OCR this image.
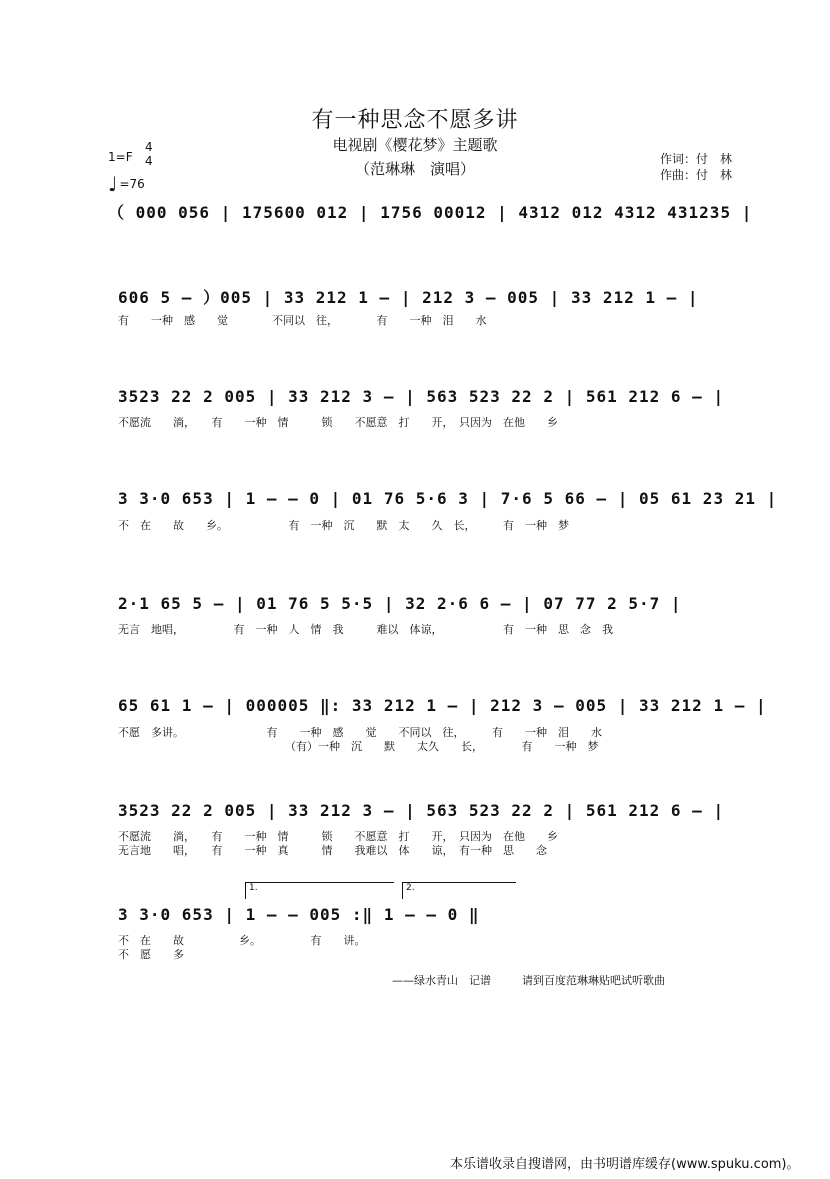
有一种思念不愿多讲
电视剧《樱花梦》主题歌
（范琳琳　演唱）
1=F
4
4
♩ =76
作词：付　林
作曲：付　林
（ 000 056 | 175600 012 | 1756 00012 | 4312 012 4312 431235 |
606 5 — ）005 | 33 212 1 — | 212 3 — 005 | 33 212 1 — |
有　　一种　感　　觉　　　　不同以　往，　　　　有　　一种　泪　　水
3523 22 2 005 | 33 212 3 — | 563 523 22 2 | 561 212 6 — |
不愿流　　淌，　　有　　一种　情　　　锁　　不愿意　打　　开，　只因为　在他　　乡
3 3·0 653 | 1 — — 0 | 01 76 5·6 3 | 7·6 5 66 — | 05 61 23 21 |
不　在　　故　　乡。　　　　　　有　一种　沉　　默　太　　久　长，　　　有　一种　梦
2·1 65 5 — | 01 76 5 5·5 | 32 2·6 6 — | 07 77 2 5·7 |
无言　地唱，　　　　　有　一种　人　情　我　　　难以　体谅，　　　　　　有　一种　思　念　我
65 61 1 — | 000005 ‖: 33 212 1 — | 212 3 — 005 | 33 212 1 — |
不愿　多讲。　　　　　　　　有　　一种　感　　觉　　不同以　往，　　　有　　一种　泪　　水
（有）一种　沉　　默　　太久　　长，　　　　有　　一种　梦
3523 22 2 005 | 33 212 3 — | 563 523 22 2 | 561 212 6 — |
不愿流　　淌，　　有　　一种　情　　　锁　　不愿意　打　　开，　只因为　在他　　乡
无言地　　唱，　　有　　一种　真　　　情　　我难以　体　　谅，　有一种　思　　念
1.	2.
3 3·0 653 | 1 — — 005 :‖ 1 — — 0 ‖
不　在　　故　　　　　乡。　　　　　有　　讲。
不　愿　　多
——绿水青山　记谱	请到百度范琳琳贴吧试听歌曲
本乐谱收录自搜谱网，由书明谱库缓存(www.spuku.com)。
